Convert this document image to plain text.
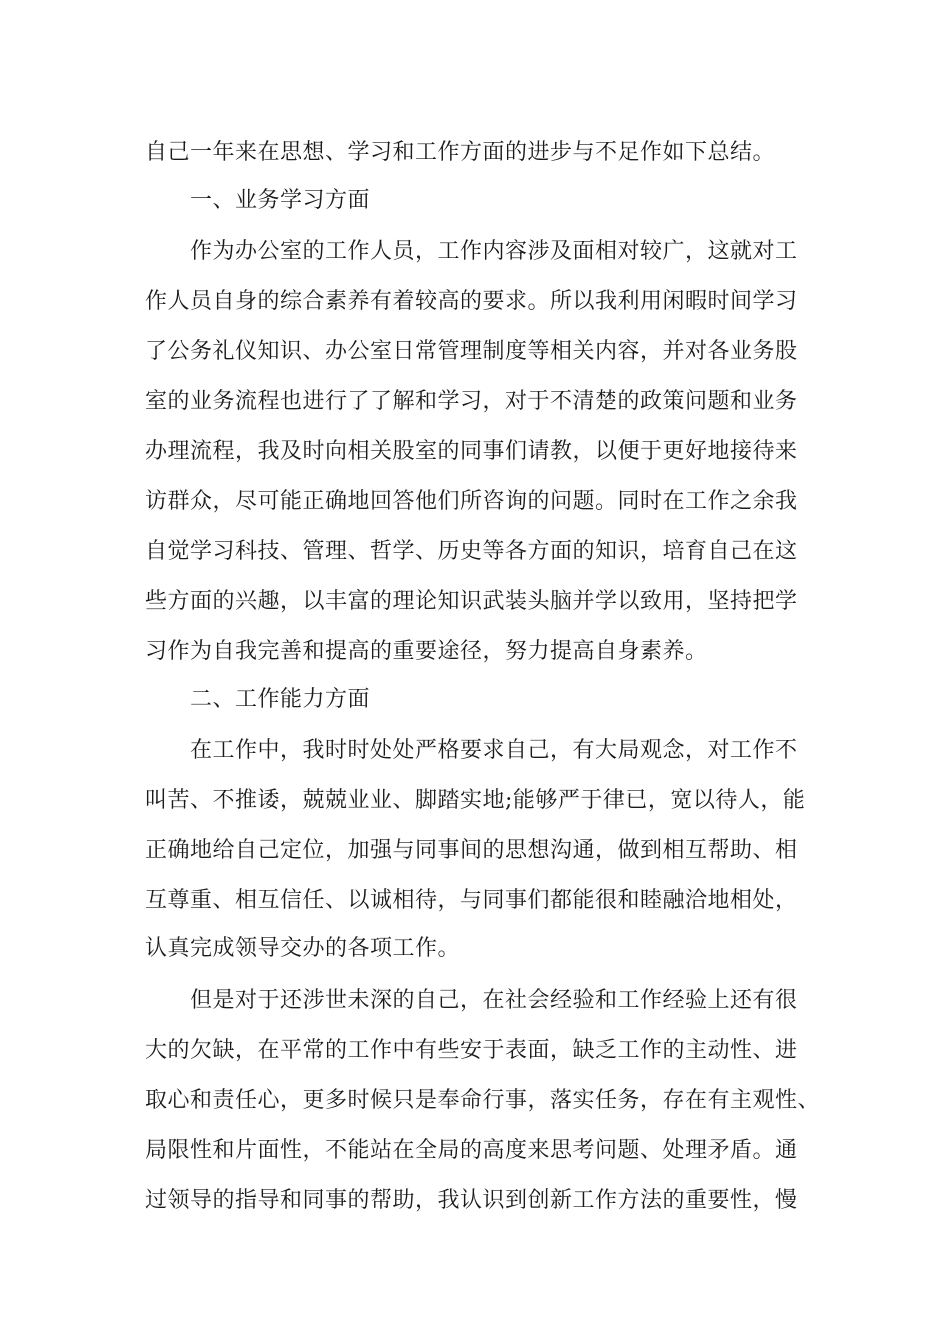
自己一年来在思想、学习和工作方面的进步与不足作如下总结。
一、业务学习方面
作为办公室的工作人员，工作内容涉及面相对较广，这就对工
作人员自身的综合素养有着较高的要求。所以我利用闲暇时间学习
了公务礼仪知识、办公室日常管理制度等相关内容，并对各业务股
室的业务流程也进行了了解和学习，对于不清楚的政策问题和业务
办理流程，我及时向相关股室的同事们请教，以便于更好地接待来
访群众，尽可能正确地回答他们所咨询的问题。同时在工作之余我
自觉学习科技、管理、哲学、历史等各方面的知识，培育自己在这
些方面的兴趣，以丰富的理论知识武装头脑并学以致用，坚持把学
习作为自我完善和提高的重要途径，努力提高自身素养。
二、工作能力方面
在工作中，我时时处处严格要求自己，有大局观念，对工作不
叫苦、不推诿，兢兢业业、脚踏实地;能够严于律已，宽以待人，能
正确地给自己定位，加强与同事间的思想沟通，做到相互帮助、相
互尊重、相互信任、以诚相待，与同事们都能很和睦融洽地相处，
认真完成领导交办的各项工作。
但是对于还涉世未深的自己，在社会经验和工作经验上还有很
大的欠缺，在平常的工作中有些安于表面，缺乏工作的主动性、进
取心和责任心，更多时候只是奉命行事，落实任务，存在有主观性、
局限性和片面性，不能站在全局的高度来思考问题、处理矛盾。通
过领导的指导和同事的帮助，我认识到创新工作方法的重要性，慢
